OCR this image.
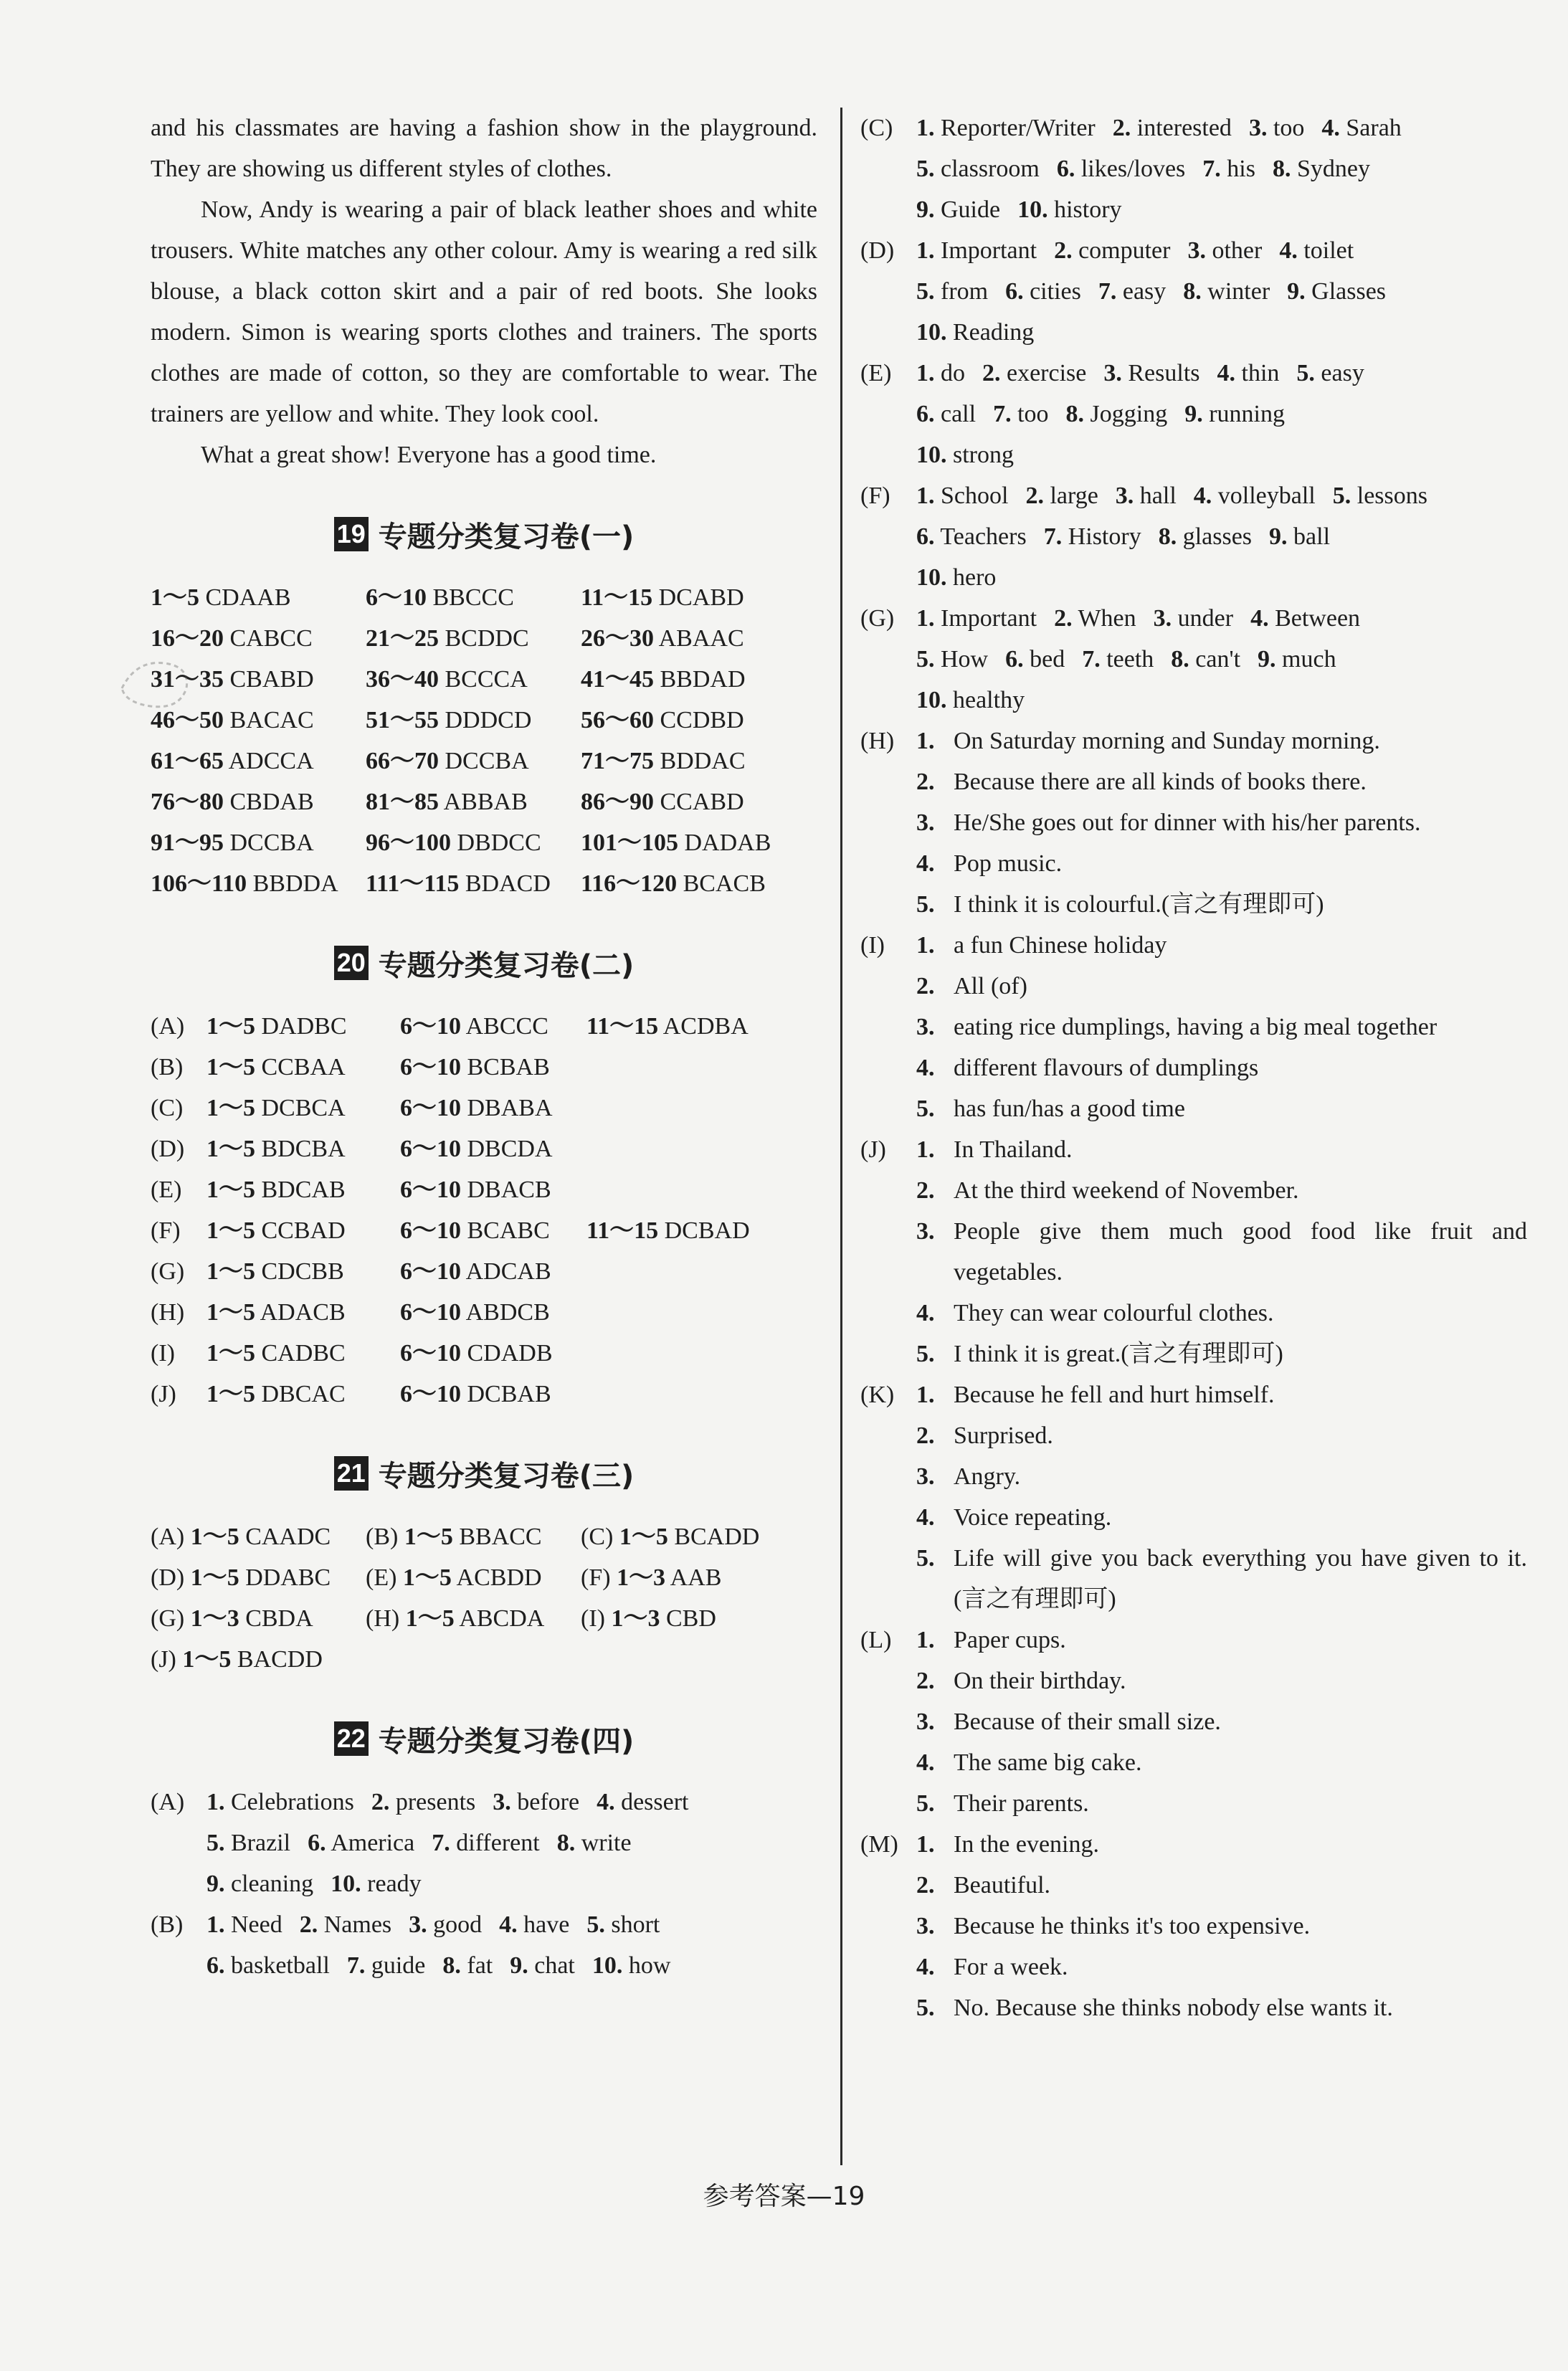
and his classmates are having a fashion show in the playground. They are showing us different styles of clothes.

Now, Andy is wearing a pair of black leather shoes and white trousers. White matches any other colour. Amy is wearing a red silk blouse, a black cotton skirt and a pair of red boots. She looks modern. Simon is wearing sports clothes and trainers. The sports clothes are made of cotton, so they are comfortable to wear. The trainers are yellow and white. They look cool.

What a great show! Everyone has a good time.

19 专题分类复习卷(一)
1～5 CDAAB	6～10 BBCCC	11～15 DCABD
16～20 CABCC	21～25 BCDDC	26～30 ABAAC
31～35 CBABD	36～40 BCCCA	41～45 BBDAD
46～50 BACAC	51～55 DDDCD	56～60 CCDBD
61～65 ADCCA	66～70 DCCBA	71～75 BDDAC
76～80 CBDAB	81～85 ABBAB	86～90 CCABD
91～95 DCCBA	96～100 DBDCC	101～105 DADAB
106～110 BBDDA	111～115 BDACD	116～120 BCACB
20 专题分类复习卷(二)
(A) 1～5 DADBC 6～10 ABCCC 11～15 ACDBA
(B) 1～5 CCBAA 6～10 BCBAB
(C) 1～5 DCBCA 6～10 DBABA
(D) 1～5 BDCBA 6～10 DBCDA
(E) 1～5 BDCAB 6～10 DBACB
(F) 1～5 CCBAD 6～10 BCABC 11～15 DCBAD
(G) 1～5 CDCBB 6～10 ADCAB
(H) 1～5 ADACB 6～10 ABDCB
(I) 1～5 CADBC 6～10 CDADB
(J) 1～5 DBCAC 6～10 DCBAB
21 专题分类复习卷(三)
(A) 1～5 CAADC	(B) 1～5 BBACC	(C) 1～5 BCADD
(D) 1～5 DDABC	(E) 1～5 ACBDD	(F) 1～3 AAB
(G) 1～3 CBDA	(H) 1～5 ABCDA	(I) 1～3 CBD
(J) 1～5 BACDD
22 专题分类复习卷(四)
(A) 1. Celebrations 2. presents 3. before 4. dessert
5. Brazil 6. America 7. different 8. write
9. cleaning 10. ready
(B) 1. Need 2. Names 3. good 4. have 5. short
6. basketball 7. guide 8. fat 9. chat 10. how
(C) 1. Reporter/Writer 2. interested 3. too 4. Sarah
5. classroom 6. likes/loves 7. his 8. Sydney
9. Guide 10. history
(D) 1. Important 2. computer 3. other 4. toilet
5. from 6. cities 7. easy 8. winter 9. Glasses
10. Reading
(E) 1. do 2. exercise 3. Results 4. thin 5. easy
6. call 7. too 8. Jogging 9. running
10. strong
(F) 1. School 2. large 3. hall 4. volleyball 5. lessons
6. Teachers 7. History 8. glasses 9. ball
10. hero
(G) 1. Important 2. When 3. under 4. Between
5. How 6. bed 7. teeth 8. can't 9. much
10. healthy
(H) 1. On Saturday morning and Sunday morning.
2. Because there are all kinds of books there.
3. He/She goes out for dinner with his/her parents.
4. Pop music.
5. I think it is colourful.(言之有理即可)
(I)	1. a fun Chinese holiday
2. All (of)
3. eating rice dumplings, having a big meal together
4. different flavours of dumplings
5. has fun/has a good time
(J)	1. In Thailand.
2. At the third weekend of November.
3. People give them much good food like fruit and vegetables.
4. They can wear colourful clothes.
5. I think it is great.(言之有理即可)
(K) 1. Because he fell and hurt himself.
2. Surprised.
3. Angry.
4. Voice repeating.
5. Life will give you back everything you have given to it.(言之有理即可)
(L)	1. Paper cups.
2. On their birthday.
3. Because of their small size.
4. The same big cake.
5. Their parents.
(M) 1. In the evening.
2. Beautiful.
3. Because he thinks it's too expensive.
4. For a week.
5. No. Because she thinks nobody else wants it.
参考答案—19
